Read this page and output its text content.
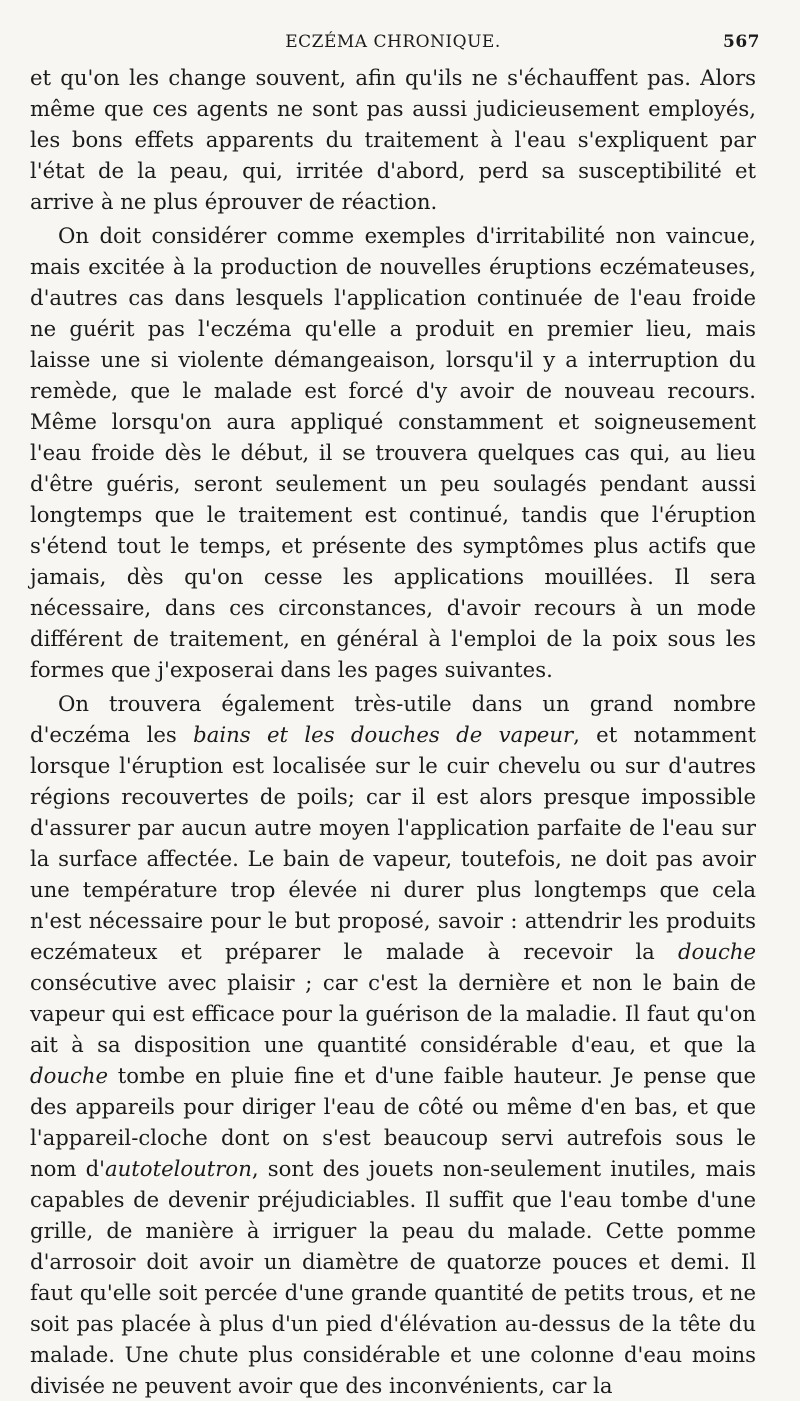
ECZÉMA CHRONIQUE.	567

et qu'on les change souvent, afin qu'ils ne s'échauffent pas. Alors même que ces agents ne sont pas aussi judicieusement employés, les bons effets apparents du traitement à l'eau s'expliquent par l'état de la peau, qui, irritée d'abord, perd sa susceptibilité et arrive à ne plus éprouver de réaction.

On doit considérer comme exemples d'irritabilité non vaincue, mais excitée à la production de nouvelles éruptions eczémateuses, d'autres cas dans lesquels l'application continuée de l'eau froide ne guérit pas l'eczéma qu'elle a produit en premier lieu, mais laisse une si violente démangeaison, lorsqu'il y a interruption du remède, que le malade est forcé d'y avoir de nouveau recours. Même lorsqu'on aura appliqué constamment et soigneusement l'eau froide dès le début, il se trouvera quelques cas qui, au lieu d'être guéris, seront seulement un peu soulagés pendant aussi longtemps que le traitement est continué, tandis que l'éruption s'étend tout le temps, et présente des symptômes plus actifs que jamais, dès qu'on cesse les applications mouillées. Il sera nécessaire, dans ces circonstances, d'avoir recours à un mode différent de traitement, en général à l'emploi de la poix sous les formes que j'exposerai dans les pages suivantes.

On trouvera également très-utile dans un grand nombre d'eczéma les bains et les douches de vapeur, et notamment lorsque l'éruption est localisée sur le cuir chevelu ou sur d'autres régions recouvertes de poils; car il est alors presque impossible d'assurer par aucun autre moyen l'application parfaite de l'eau sur la surface affectée. Le bain de vapeur, toutefois, ne doit pas avoir une température trop élevée ni durer plus longtemps que cela n'est nécessaire pour le but proposé, savoir : attendrir les produits eczémateux et préparer le malade à recevoir la douche consécutive avec plaisir ; car c'est la dernière et non le bain de vapeur qui est efficace pour la guérison de la maladie. Il faut qu'on ait à sa disposition une quantité considérable d'eau, et que la douche tombe en pluie fine et d'une faible hauteur. Je pense que des appareils pour diriger l'eau de côté ou même d'en bas, et que l'appareil-cloche dont on s'est beaucoup servi autrefois sous le nom d'autoteloutron, sont des jouets non-seulement inutiles, mais capables de devenir préjudiciables. Il suffit que l'eau tombe d'une grille, de manière à irriguer la peau du malade. Cette pomme d'arrosoir doit avoir un diamètre de quatorze pouces et demi. Il faut qu'elle soit percée d'une grande quantité de petits trous, et ne soit pas placée à plus d'un pied d'élévation au-dessus de la tête du malade. Une chute plus considérable et une colonne d'eau moins divisée ne peuvent avoir que des inconvénients, car la
